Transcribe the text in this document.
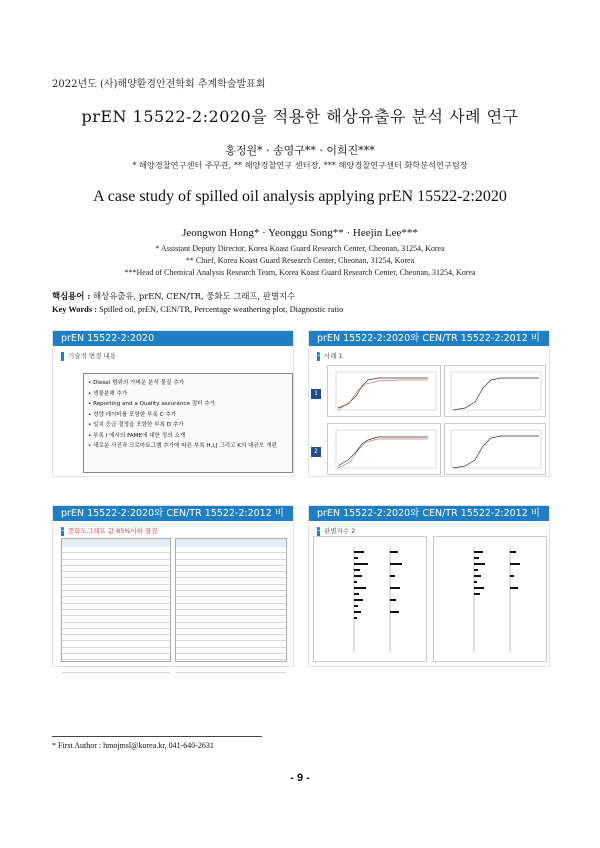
2022년도 (사)해양환경안전학회 추계학술발표회
prEN 15522-2:2020을 적용한 해상유출유 분석 사례 연구
홍정원* · 송영구** · 이희진***
* 해양경찰연구센터 주무관, ** 해양경찰연구 센터장, *** 해양경찰연구센터 화학분석연구팀장
A case study of spilled oil analysis applying prEN 15522-2:2020
Jeongwon Hong* · Yeonggu Song** · Heejin Lee***
* Assistant Deputy Director, Korea Koast Guard Research Center, Cheonan, 31254, Korea
** Chief, Korea Koast Guard Research Center, Cheonan, 31254, Korea
***Head of Chemical Analysis Research Team, Korea Koast Guard Research Center, Cheonan, 31254, Korea
핵심용어 : 해상유출유, prEN, CEN/TR, 풍화도 그래프, 판별지수
Key Words : Spilled oil, prEN, CEN/TR, Percentage weathering plot, Diagnostic ratio
prEN 15522-2:2020
기술적 변경 내용
• Diesel 범위의 가벼운 분석 물질 추가
• 생물분해 추가
• Reporting and a Quality assurance 절터 추가
• 정량 데이터를 포함한 부록 C 추가
• 일치 등급 결정을 포함한 부록 D 추가
• 부록 I 에서의 FAME에 대한 정의 소개
• 새로운 사진과 크로마토그램 추가에 따른 부록 H,I,J 그리고 K의 대규모 개편
prEN 15522-2:2020와 CEN/TR 15522-2:2012 비교
사례 1
1
2
prEN 15522-2:2020와 CEN/TR 15522-2:2012 비교
풍화도그래프 값 85%이하 물질
prEN 15522-2:2020와 CEN/TR 15522-2:2012 비교
판별지수 2
* First Author : hmojmsl@korea.kr, 041-640-2631
- 9 -
